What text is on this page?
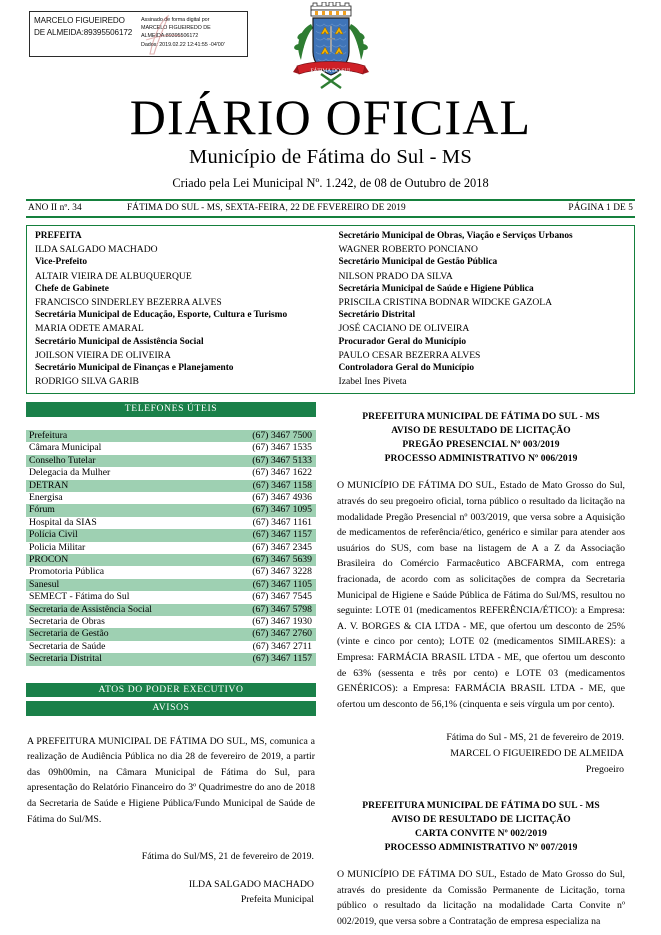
MARCELO FIGUEIREDO DE ALMEIDA:89395506172
Assinado de forma digital por
MARCELO FIGUEIREDO DE
ALMEIDA:89395506172
Dados: 2019.02.22 12:41:55 -04'00'
FÁTIMA DO SUL
DIÁRIO OFICIAL
Município de Fátima do Sul - MS
Criado pela Lei Municipal Nº. 1.242, de 08 de Outubro de 2018
ANO II nº. 34	FÁTIMA DO SUL - MS, SEXTA-FEIRA, 22 DE FEVEREIRO DE 2019	PÁGINA 1 DE 5
PREFEITA
ILDA SALGADO MACHADO
Vice-Prefeito
ALTAIR VIEIRA DE ALBUQUERQUE
Chefe de Gabinete
FRANCISCO SINDERLEY BEZERRA ALVES
Secretária Municipal de Educação, Esporte, Cultura e Turismo
MARIA ODETE AMARAL
Secretário Municipal de Assistência Social
JOILSON VIEIRA DE OLIVEIRA
Secretário Municipal de Finanças e Planejamento
RODRIGO SILVA GARIB
Secretário Municipal de Obras, Viação e Serviços Urbanos
WAGNER ROBERTO PONCIANO
Secretário Municipal de Gestão Pública
NILSON PRADO DA SILVA
Secretária Municipal de Saúde e Higiene Pública
PRISCILA CRISTINA BODNAR WIDCKE GAZOLA
Secretário Distrital
JOSÉ CACIANO DE OLIVEIRA
Procurador Geral do Município
PAULO CESAR BEZERRA ALVES
Controladora Geral do Município
Izabel Ines Piveta
TELEFONES ÚTEIS
Prefeitura	(67) 3467 7500
Câmara Municipal	(67) 3467 1535
Conselho Tutelar	(67) 3467 5133
Delegacia da Mulher	(67) 3467 1622
DETRAN	(67) 3467 1158
Energisa	(67) 3467 4936
Fórum	(67) 3467 1095
Hospital da SIAS	(67) 3467 1161
Polícia Civil	(67) 3467 1157
Policia Militar	(67) 3467 2345
PROCON	(67) 3467 5639
Promotoria Pública	(67) 3467 3228
Sanesul	(67) 3467 1105
SEMECT - Fátima do Sul	(67) 3467 7545
Secretaria de Assistência Social	(67) 3467 5798
Secretaria de Obras	(67) 3467 1930
Secretaria de Gestão	(67) 3467 2760
Secretaria de Saúde	(67) 3467 2711
Secretaria Distrital	(67) 3467 1157
ATOS DO PODER EXECUTIVO
AVISOS

A PREFEITURA MUNICIPAL DE FÁTIMA DO SUL, MS, comunica a realização de Audiência Pública no dia 28 de fevereiro de 2019, a partir das 09h00min, na Câmara Municipal de Fátima do Sul, para apresentação do Relatório Financeiro do 3º Quadrimestre do ano de 2018 da Secretaria de Saúde e Higiene Pública/Fundo Municipal de Saúde de Fátima do Sul/MS.

Fátima do Sul/MS, 21 de fevereiro de 2019.

ILDA SALGADO MACHADO

Prefeita Municipal

PREFEITURA MUNICIPAL DE FÁTIMA DO SUL - MS
AVISO DE RESULTADO DE LICITAÇÃO
PREGÃO PRESENCIAL Nº 003/2019
PROCESSO ADMINISTRATIVO Nº 006/2019

O MUNICÍPIO DE FÁTIMA DO SUL, Estado de Mato Grosso do Sul, através do seu pregoeiro oficial, torna público o resultado da licitação na modalidade Pregão Presencial nº 003/2019, que versa sobre a Aquisição de medicamentos de referência/ético, genérico e similar para atender aos usuários do SUS, com base na listagem de A a Z da Associação Brasileira do Comércio Farmacêutico ABCFARMA, com entrega fracionada, de acordo com as solicitações de compra da Secretaria Municipal de Higiene e Saúde Pública de Fátima do Sul/MS, resultou no seguinte: LOTE 01 (medicamentos REFERÊNCIA/ÉTICO): a Empresa: A. V. BORGES & CIA LTDA - ME, que ofertou um desconto de 25% (vinte e cinco por cento); LOTE 02 (medicamentos SIMILARES): a Empresa: FARMÁCIA BRASIL LTDA - ME, que ofertou um desconto de 63% (sessenta e três por cento) e LOTE 03 (medicamentos GENÉRICOS): a Empresa: FARMÁCIA BRASIL LTDA - ME, que ofertou um desconto de 56,1% (cinquenta e seis vírgula um por cento).

Fátima do Sul - MS, 21 de fevereiro de 2019.

MARCEL O FIGUEIREDO DE ALMEIDA

Pregoeiro

PREFEITURA MUNICIPAL DE FÁTIMA DO SUL - MS
AVISO DE RESULTADO DE LICITAÇÃO
CARTA CONVITE Nº 002/2019
PROCESSO ADMINISTRATIVO Nº 007/2019

O MUNICÍPIO DE FÁTIMA DO SUL, Estado de Mato Grosso do Sul, através do presidente da Comissão Permanente de Licitação, torna público o resultado da licitação na modalidade Carta Convite nº 002/2019, que versa sobre a Contratação de empresa especializa na
